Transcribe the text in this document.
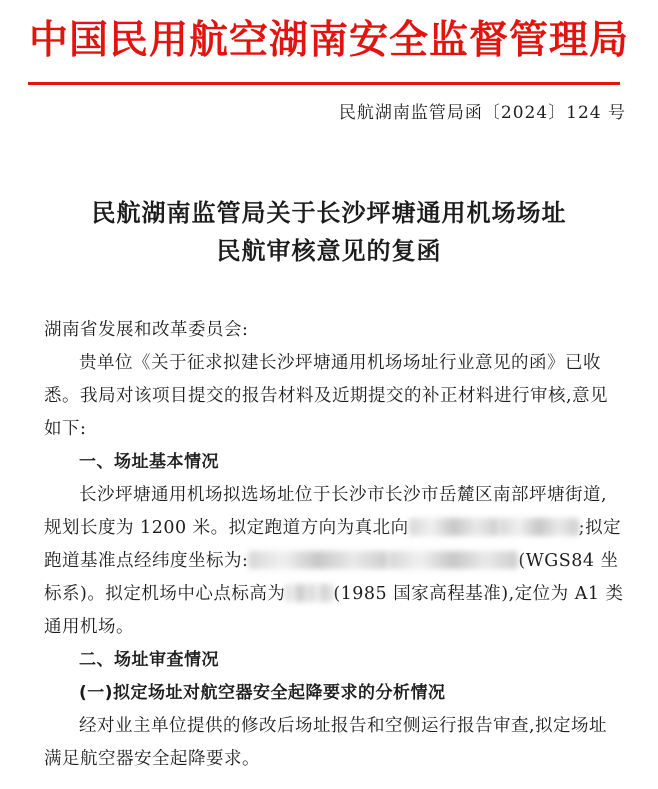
中国民用航空湖南安全监督管理局
民航湖南监管局函〔2024〕124 号
民航湖南监管局关于长沙坪塘通用机场场址
民航审核意见的复函

湖南省发展和改革委员会:

贵单位《关于征求拟建长沙坪塘通用机场场址行业意见的函》已收悉。我局对该项目提交的报告材料及近期提交的补正材料进行审核,意见如下:

一、场址基本情况

长沙坪塘通用机场拟选场址位于长沙市长沙市岳麓区南部坪塘街道,规划长度为 1200 米。拟定跑道方向为真北向	;拟定跑道基准点经纬度坐标为:	(WGS84 坐标系)。拟定机场中心点标高为	(1985 国家高程基准),定位为 A1 类通用机场。

二、场址审查情况

(一)拟定场址对航空器安全起降要求的分析情况

经对业主单位提供的修改后场址报告和空侧运行报告审查,拟定场址满足航空器安全起降要求。
